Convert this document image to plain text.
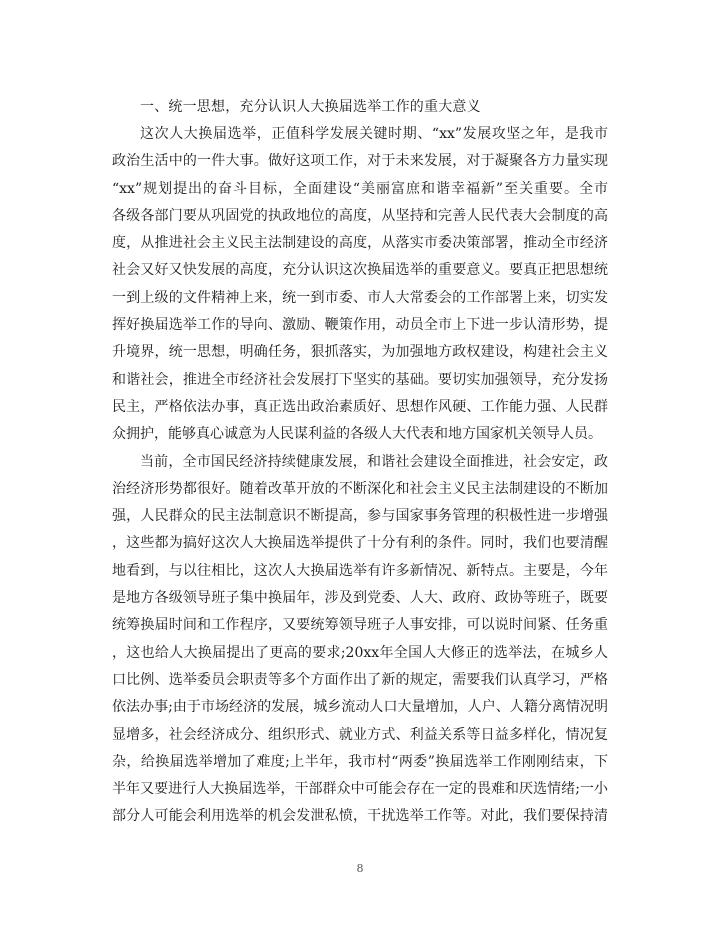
一、统一思想，充分认识人大换届选举工作的重大意义

这次人大换届选举，正值科学发展关键时期、“xx”发展攻坚之年，是我市
政治生活中的一件大事。做好这项工作，对于未来发展，对于凝聚各方力量实现
“xx”规划提出的奋斗目标，全面建设“美丽富庶和谐幸福新”至关重要。全市
各级各部门要从巩固党的执政地位的高度，从坚持和完善人民代表大会制度的高
度，从推进社会主义民主法制建设的高度，从落实市委决策部署，推动全市经济
社会又好又快发展的高度，充分认识这次换届选举的重要意义。要真正把思想统
一到上级的文件精神上来，统一到市委、市人大常委会的工作部署上来，切实发
挥好换届选举工作的导向、激励、鞭策作用，动员全市上下进一步认清形势，提
升境界，统一思想，明确任务，狠抓落实，为加强地方政权建设，构建社会主义
和谐社会，推进全市经济社会发展打下坚实的基础。要切实加强领导，充分发扬
民主，严格依法办事，真正选出政治素质好、思想作风硬、工作能力强、人民群
众拥护，能够真心诚意为人民谋利益的各级人大代表和地方国家机关领导人员。
当前，全市国民经济持续健康发展，和谐社会建设全面推进，社会安定，政
治经济形势都很好。随着改革开放的不断深化和社会主义民主法制建设的不断加
强，人民群众的民主法制意识不断提高，参与国家事务管理的积极性进一步增强
，这些都为搞好这次人大换届选举提供了十分有利的条件。同时，我们也要清醒
地看到，与以往相比，这次人大换届选举有许多新情况、新特点。主要是，今年
是地方各级领导班子集中换届年，涉及到党委、人大、政府、政协等班子，既要
统筹换届时间和工作程序，又要统筹领导班子人事安排，可以说时间紧、任务重
，这也给人大换届提出了更高的要求;20xx年全国人大修正的选举法，在城乡人
口比例、选举委员会职责等多个方面作出了新的规定，需要我们认真学习，严格
依法办事;由于市场经济的发展，城乡流动人口大量增加，人户、人籍分离情况明
显增多，社会经济成分、组织形式、就业方式、利益关系等日益多样化，情况复
杂，给换届选举增加了难度;上半年，我市村“两委”换届选举工作刚刚结束，下
半年又要进行人大换届选举，干部群众中可能会存在一定的畏难和厌选情绪;一小
部分人可能会利用选举的机会发泄私愤，干扰选举工作等。对此，我们要保持清
8
